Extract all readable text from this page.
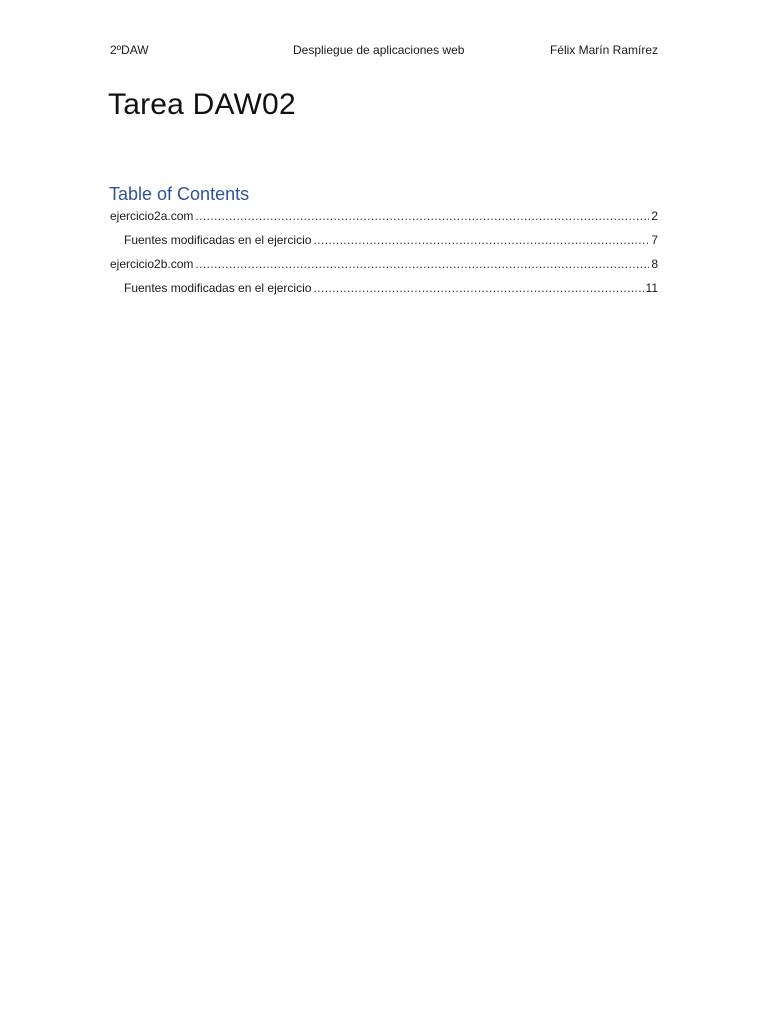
2ºDAW	Despliegue de aplicaciones web	Félix Marín Ramírez
Tarea DAW02
Table of Contents
ejercicio2a.com .....	2
Fuentes modificadas en el ejercicio .....	7
ejercicio2b.com .....	8
Fuentes modificadas en el ejercicio .....	11
